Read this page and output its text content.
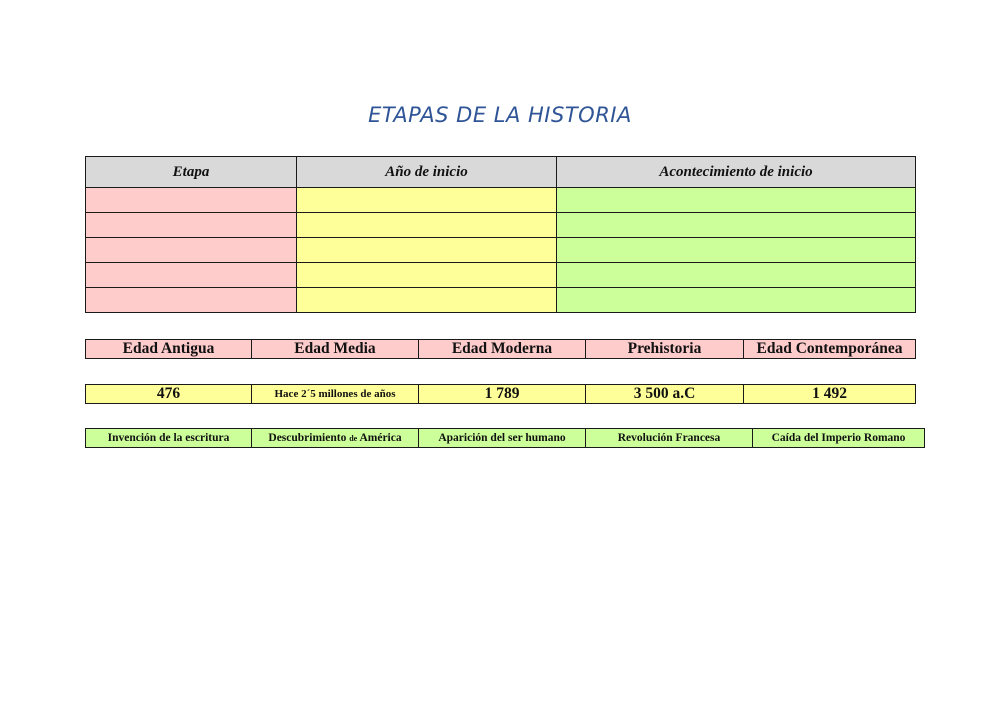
ETAPAS DE LA HISTORIA
Etapa	Año de inicio	Acontecimiento de inicio

Edad Antigua	Edad Media	Edad Moderna	Prehistoria	Edad Contemporánea
476	Hace 2´5 millones de años	1 789	3 500 a.C	1 492
Invención de la escritura	Descubrimiento de América	Aparición del ser humano	Revolución Francesa	Caída del Imperio Romano
